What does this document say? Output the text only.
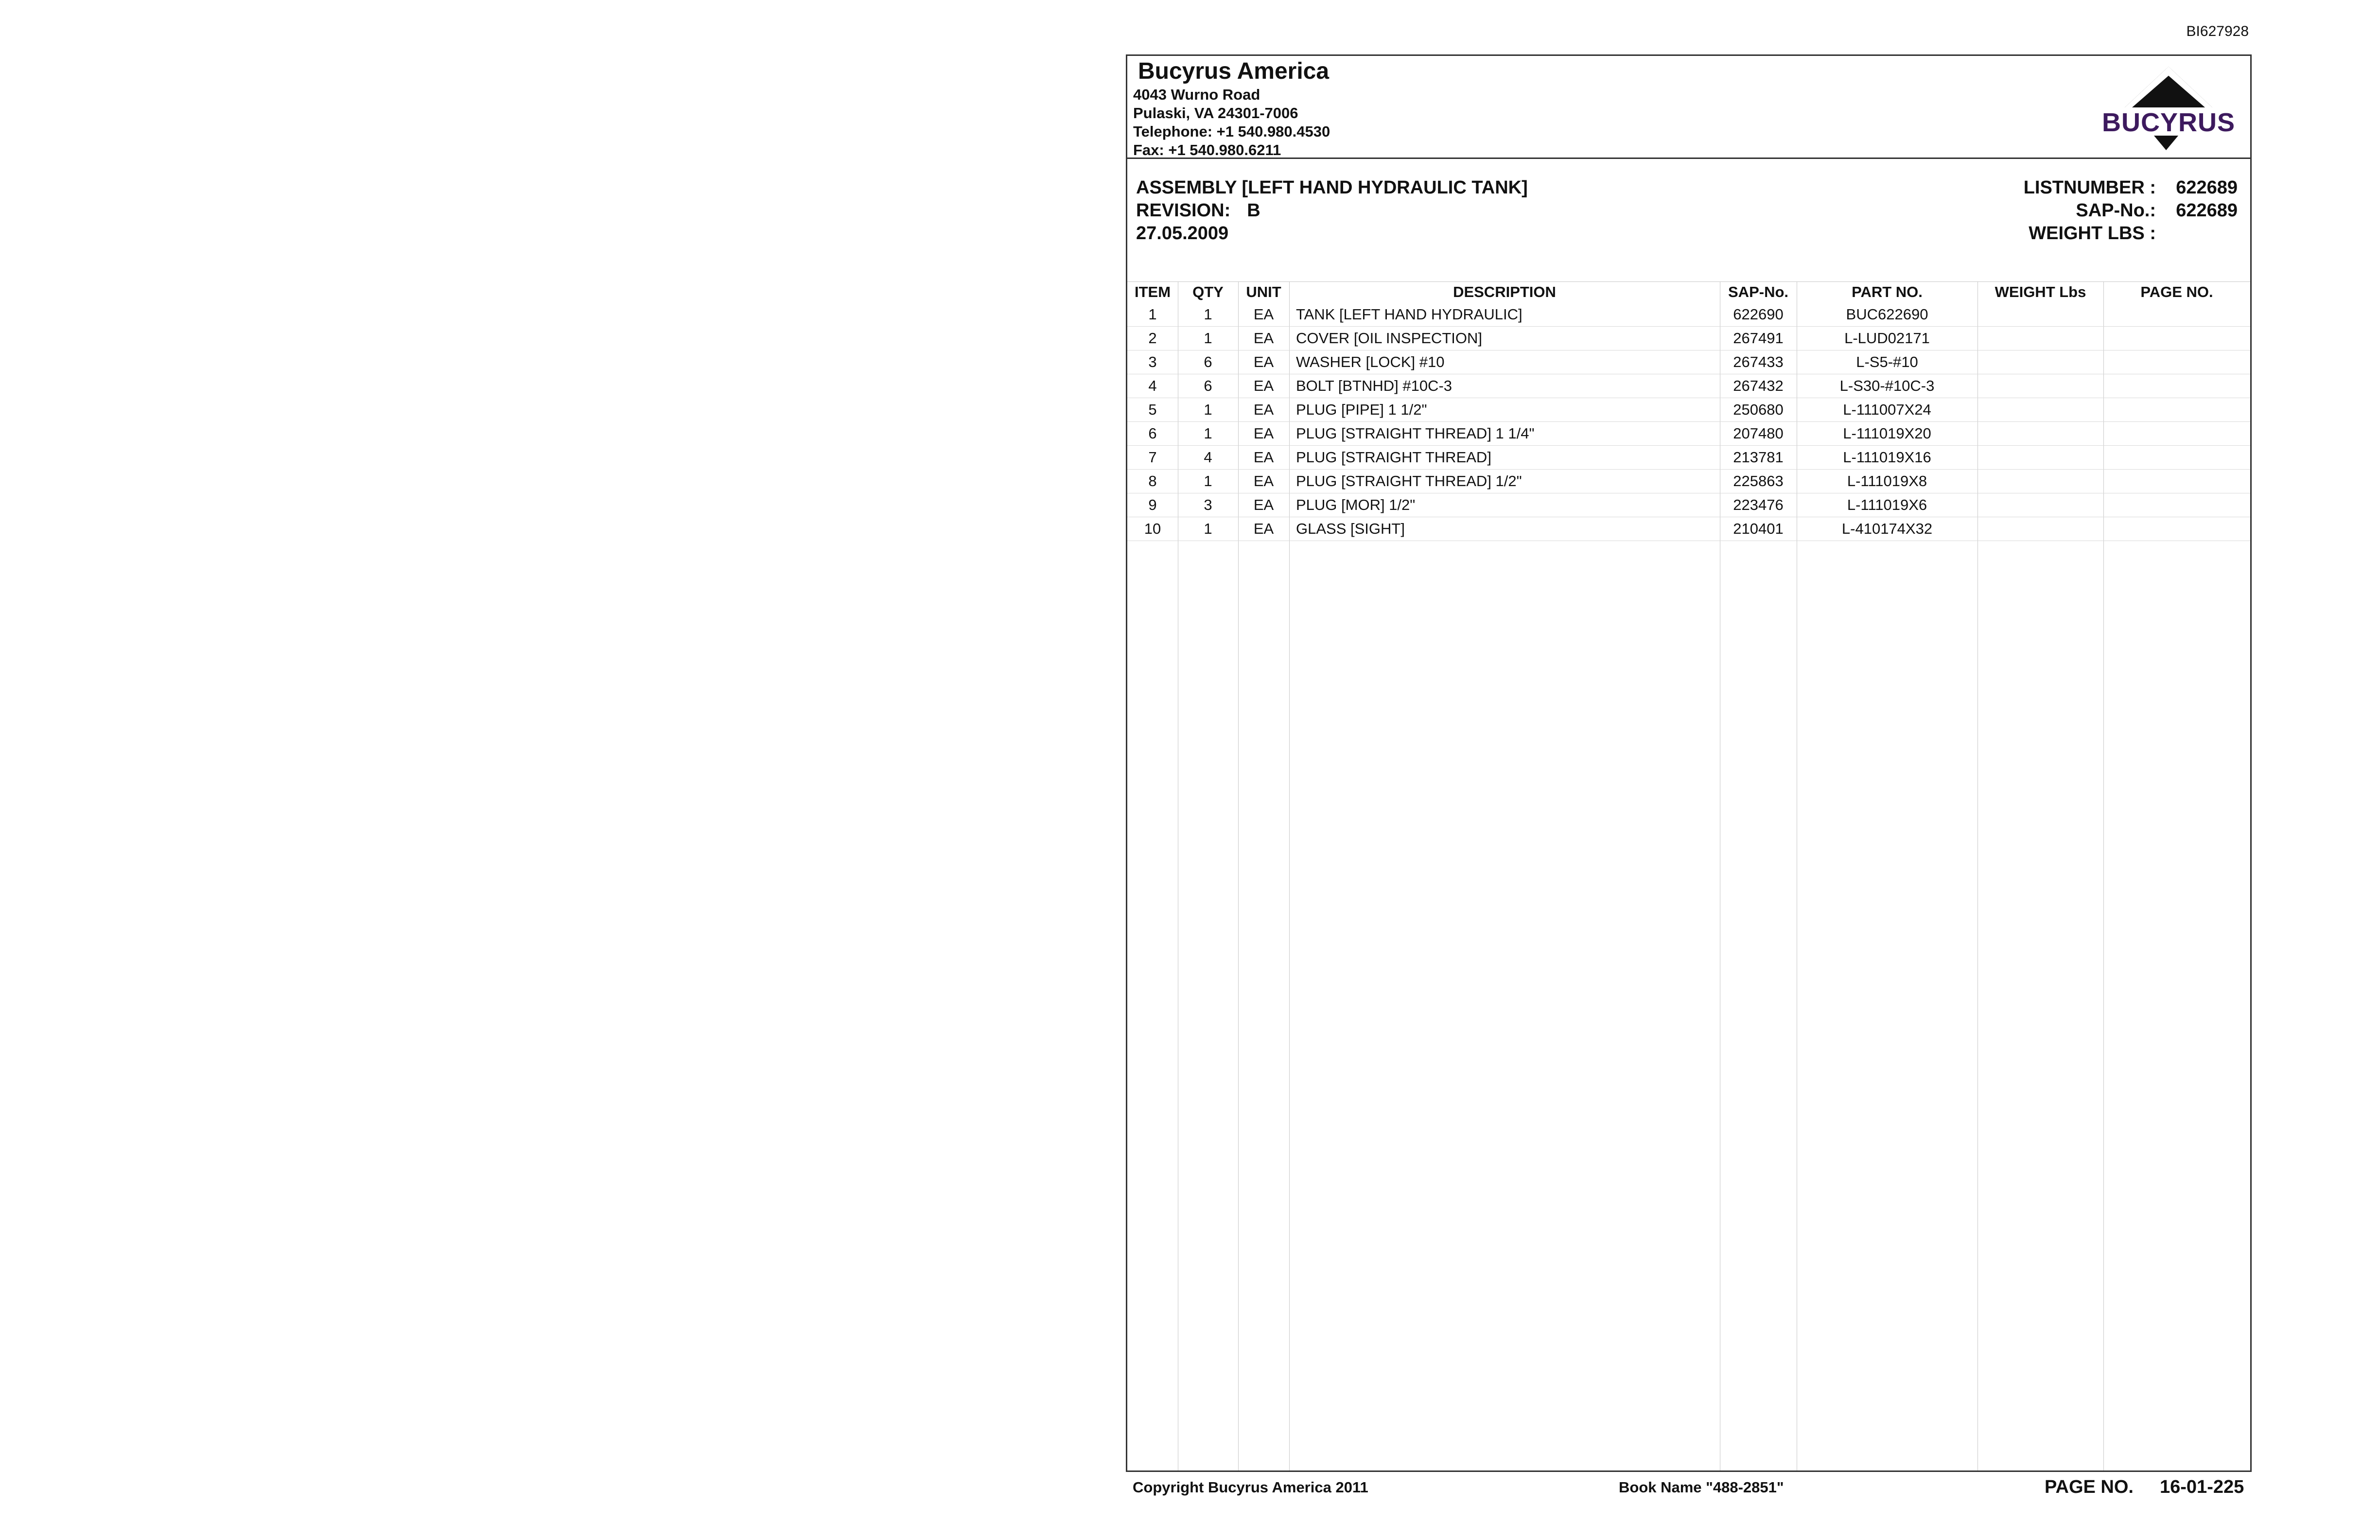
BI627928
Bucyrus America
4043 Wurno Road
Pulaski, VA 24301-7006
Telephone: +1 540.980.4530
Fax: +1 540.980.6211
BUCYRUS
ASSEMBLY [LEFT HAND HYDRAULIC TANK]
REVISION: B
27.05.2009
LISTNUMBER : 622689
SAP-No.: 622689
WEIGHT LBS :
ITEM	QTY	UNIT	DESCRIPTION	SAP-No.	PART NO.	WEIGHT Lbs	PAGE NO.
1	1	EA	TANK [LEFT HAND HYDRAULIC]	622690	BUC622690
2	1	EA	COVER [OIL INSPECTION]	267491	L-LUD02171
3	6	EA	WASHER [LOCK] #10	267433	L-S5-#10
4	6	EA	BOLT [BTNHD] #10C-3	267432	L-S30-#10C-3
5	1	EA	PLUG [PIPE] 1 1/2"	250680	L-111007X24
6	1	EA	PLUG [STRAIGHT THREAD] 1 1/4"	207480	L-111019X20
7	4	EA	PLUG [STRAIGHT THREAD]	213781	L-111019X16
8	1	EA	PLUG [STRAIGHT THREAD] 1/2"	225863	L-111019X8
9	3	EA	PLUG [MOR] 1/2"	223476	L-111019X6
10	1	EA	GLASS [SIGHT]	210401	L-410174X32
Copyright Bucyrus America 2011	Book Name "488-2851"	PAGE NO. 16-01-225
